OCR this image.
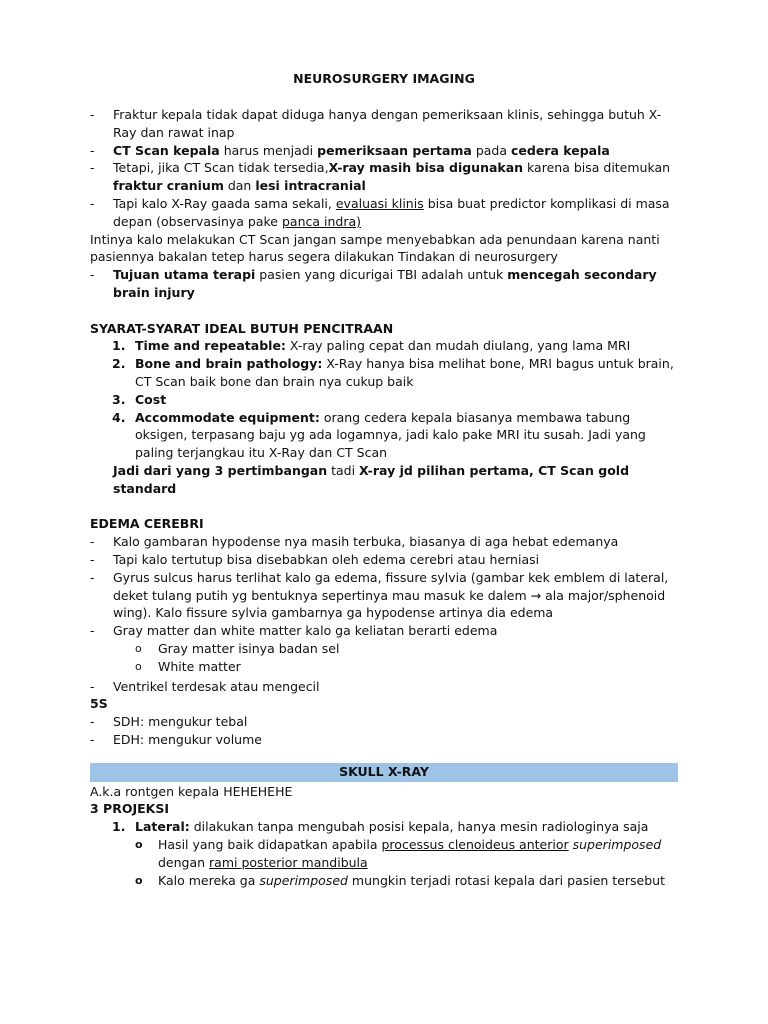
NEUROSURGERY IMAGING
- Fraktur kepala tidak dapat diduga hanya dengan pemeriksaan klinis, sehingga butuh X-Ray dan rawat inap
- CT Scan kepala harus menjadi pemeriksaan pertama pada cedera kepala
- Tetapi, jika CT Scan tidak tersedia,X-ray masih bisa digunakan karena bisa ditemukan fraktur cranium dan lesi intracranial
- Tapi kalo X-Ray gaada sama sekali, evaluasi klinis bisa buat predictor komplikasi di masa depan (observasinya pake panca indra)
Intinya kalo melakukan CT Scan jangan sampe menyebabkan ada penundaan karena nanti pasiennya bakalan tetep harus segera dilakukan Tindakan di neurosurgery
- Tujuan utama terapi pasien yang dicurigai TBI adalah untuk mencegah secondary brain injury
SYARAT-SYARAT IDEAL BUTUH PENCITRAAN
1. Time and repeatable: X-ray paling cepat dan mudah diulang, yang lama MRI
2. Bone and brain pathology: X-Ray hanya bisa melihat bone, MRI bagus untuk brain, CT Scan baik bone dan brain nya cukup baik
3. Cost
4. Accommodate equipment: orang cedera kepala biasanya membawa tabung oksigen, terpasang baju yg ada logamnya, jadi kalo pake MRI itu susah. Jadi yang paling terjangkau itu X-Ray dan CT Scan
Jadi dari yang 3 pertimbangan tadi X-ray jd pilihan pertama, CT Scan gold standard
EDEMA CEREBRI
- Kalo gambaran hypodense nya masih terbuka, biasanya di aga hebat edemanya
- Tapi kalo tertutup bisa disebabkan oleh edema cerebri atau herniasi
- Gyrus sulcus harus terlihat kalo ga edema, fissure sylvia (gambar kek emblem di lateral, deket tulang putih yg bentuknya sepertinya mau masuk ke dalem → ala major/sphenoid wing). Kalo fissure sylvia gambarnya ga hypodense artinya dia edema
- Gray matter dan white matter kalo ga keliatan berarti edema
o Gray matter isinya badan sel
o White matter
- Ventrikel terdesak atau mengecil
5S
- SDH: mengukur tebal
- EDH: mengukur volume
SKULL X-RAY
A.k.a rontgen kepala HEHEHEHE
3 PROJEKSI
1. Lateral: dilakukan tanpa mengubah posisi kepala, hanya mesin radiologinya saja
o Hasil yang baik didapatkan apabila processus clenoideus anterior superimposed dengan rami posterior mandibula
o Kalo mereka ga superimposed mungkin terjadi rotasi kepala dari pasien tersebut
